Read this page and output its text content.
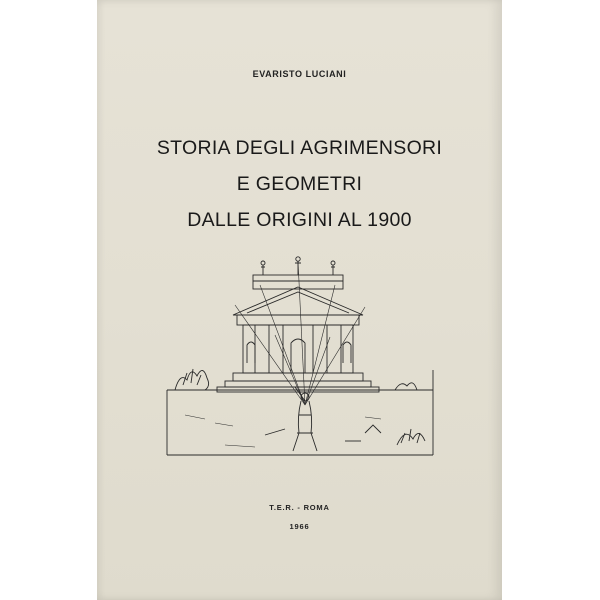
EVARISTO LUCIANI
STORIA DEGLI AGRIMENSORI
E GEOMETRI
DALLE ORIGINI AL 1900
T.E.R. - ROMA
1966
